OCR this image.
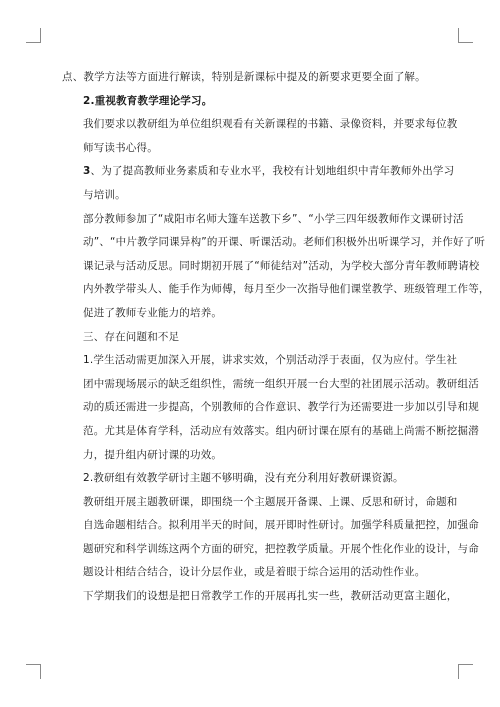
点、教学方法等方面进行解读，特别是新课标中提及的新要求更要全面了解。

2.重视教育教学理论学习。

我们要求以教研组为单位组织观看有关新课程的书籍、录像资料，并要求每位教
师写读书心得。

3、为了提高教师业务素质和专业水平，我校有计划地组织中青年教师外出学习
与培训。

部分教师参加了“咸阳市名师大篷车送教下乡”、“小学三四年级教师作文课研讨活
动”、“中片教学同课异构”的开课、听课活动。老师们积极外出听课学习，并作好了听
课记录与活动反思。同时期初开展了“师徒结对”活动，为学校大部分青年教师聘请校
内外教学带头人、能手作为师傅，每月至少一次指导他们课堂教学、班级管理工作等，
促进了教师专业能力的培养。

三、存在问题和不足

1.学生活动需更加深入开展，讲求实效，个别活动浮于表面，仅为应付。学生社
团中需现场展示的缺乏组织性，需统一组织开展一台大型的社团展示活动。教研组活
动的质还需进一步提高，个别教师的合作意识、教学行为还需要进一步加以引导和规
范。尤其是体育学科，活动应有效落实。组内研讨课在原有的基础上尚需不断挖掘潜
力，提升组内研讨课的功效。

2.教研组有效教学研讨主题不够明确，没有充分利用好教研课资源。

教研组开展主题教研课，即围绕一个主题展开备课、上课、反思和研讨，命题和
自选命题相结合。拟利用半天的时间，展开即时性研讨。加强学科质量把控，加强命
题研究和科学训练这两个方面的研究，把控教学质量。开展个性化作业的设计，与命
题设计相结合结合，设计分层作业，或是着眼于综合运用的活动性作业。

下学期我们的设想是把日常教学工作的开展再扎实一些，教研活动更富主题化，
